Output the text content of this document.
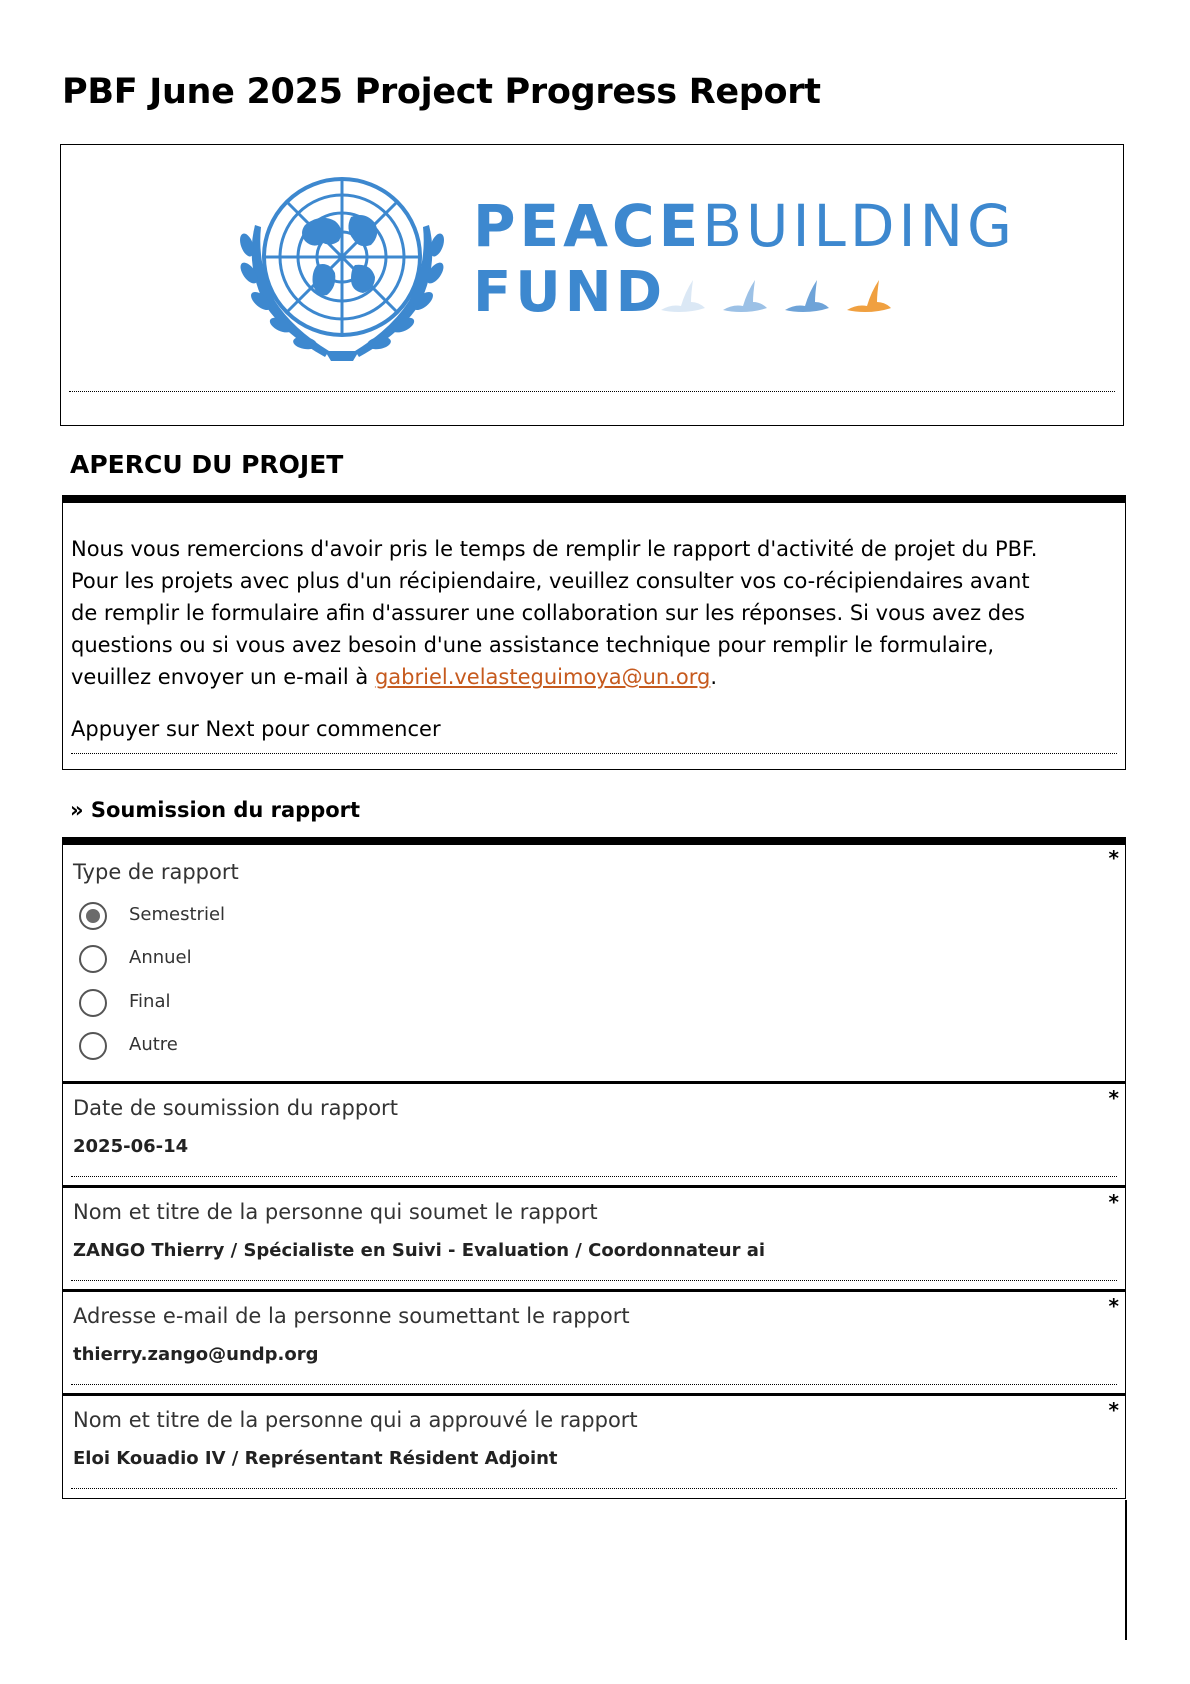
PBF June 2025 Project Progress Report
PEACEBUILDING
FUND
APERCU DU PROJET

Nous vous remercions d'avoir pris le temps de remplir le rapport d'activité de projet du PBF. Pour les projets avec plus d'un récipiendaire, veuillez consulter vos co-récipiendaires avant de remplir le formulaire afin d'assurer une collaboration sur les réponses. Si vous avez des questions ou si vous avez besoin d'une assistance technique pour remplir le formulaire, veuillez envoyer un e-mail à gabriel.velasteguimoya@un.org.

Appuyer sur Next pour commencer

» Soumission du rapport
Type de rapport
*
Semestriel
Annuel
Final
Autre
Date de soumission du rapport	*
2025-06-14
Nom et titre de la personne qui soumet le rapport	*
ZANGO Thierry / Spécialiste en Suivi - Evaluation / Coordonnateur ai
Adresse e-mail de la personne soumettant le rapport	*
thierry.zango@undp.org
Nom et titre de la personne qui a approuvé le rapport	*
Eloi Kouadio IV / Représentant Résident Adjoint
